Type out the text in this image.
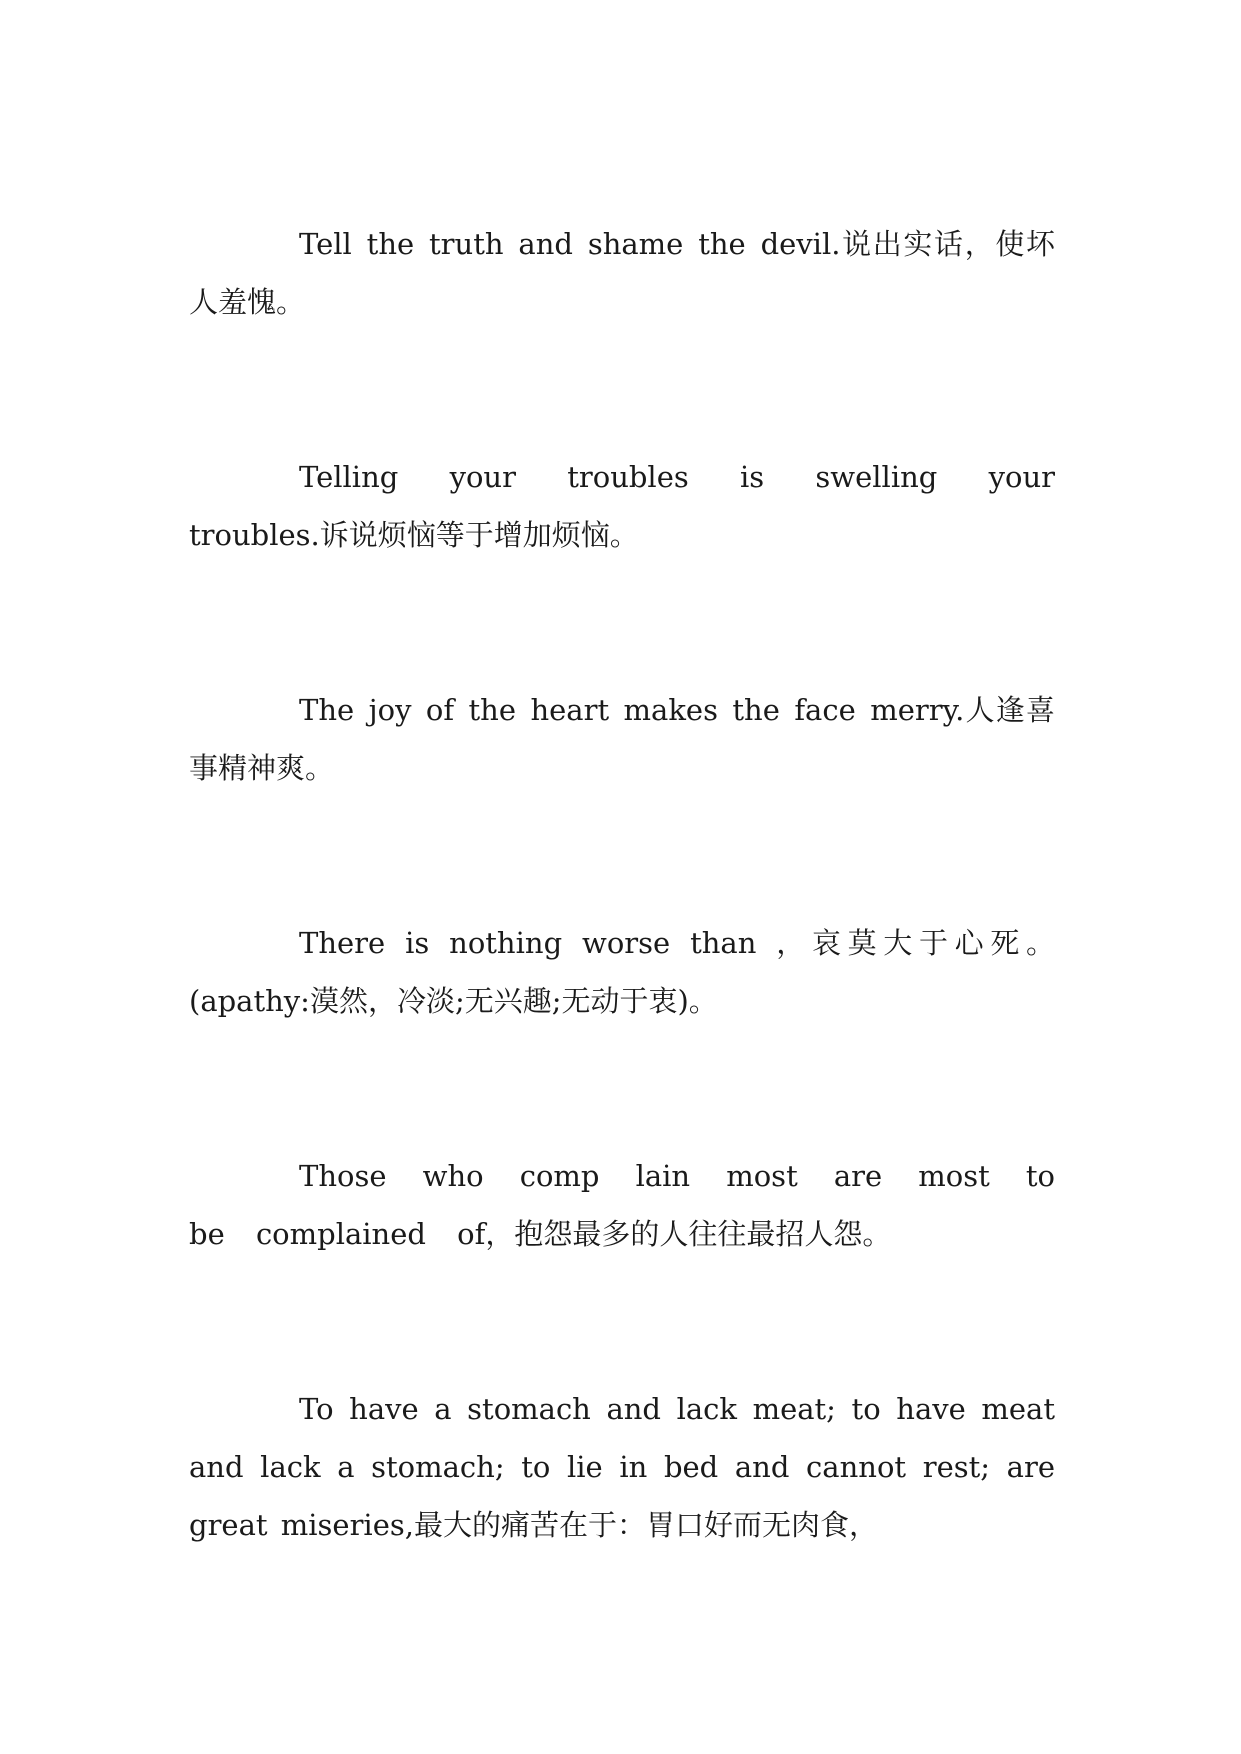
Tell the truth and shame the devil.说出实话，使坏人羞愧。

Telling your troubles is swelling your troubles.诉说烦恼等于增加烦恼。

The joy of the heart makes the face merry.人逢喜事精神爽。

There is nothing worse than ，哀莫大于心死。(apathy:漠然，冷淡;无兴趣;无动于衷)。

Those who comp lain most are most to be complained of，抱怨最多的人往往最招人怨。

To have a stomach and lack meat; to have meat and lack a stomach; to lie in bed and cannot rest; are great miseries,最大的痛苦在于：胃口好而无肉食，
